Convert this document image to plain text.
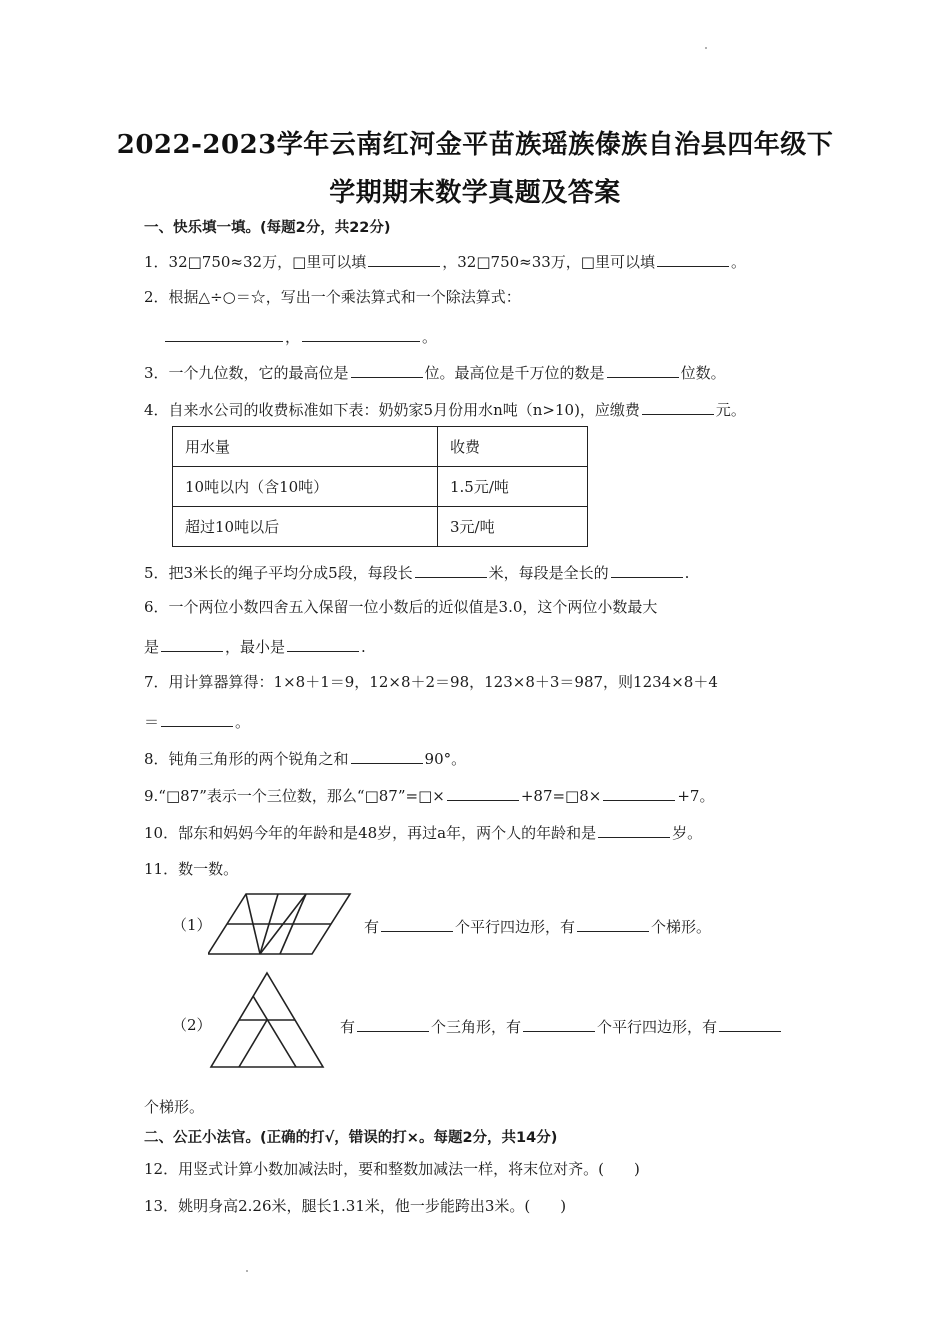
2022-2023学年云南红河金平苗族瑶族傣族自治县四年级下
学期期末数学真题及答案
一、快乐填一填。(每题2分，共22分)
1．32□750≈32万，□里可以填	，32□750≈33万，□里可以填	。
2．根据△÷○＝☆，写出一个乘法算式和一个除法算式：
，	。
3．一个九位数，它的最高位是	位。最高位是千万位的数是	位数。
4．自来水公司的收费标准如下表：奶奶家5月份用水n吨（n>10)，应缴费	元。
用水量	收费
10吨以内（含10吨）	1.5元/吨
超过10吨以后	3元/吨
5．把3米长的绳子平均分成5段，每段长	米，每段是全长的	.
6．一个两位小数四舍五入保留一位小数后的近似值是3.0，这个两位小数最大
是	，最小是	.
7．用计算器算得：1×8＋1＝9，12×8＋2＝98，123×8＋3＝987，则1234×8＋4
＝	。
8．钝角三角形的两个锐角之和	90°。
9.“□87”表示一个三位数，那么“□87”=□×	+87=□8×	+7。
10．郜东和妈妈今年的年龄和是48岁，再过a年，两个人的年龄和是	岁。
11．数一数。
（1）	有	个平行四边形，有	个梯形。
（2）	有	个三角形，有	个平行四边形，有
个梯形。
二、公正小法官。(正确的打√，错误的打×。每题2分，共14分)
12．用竖式计算小数加减法时，要和整数加减法一样，将末位对齐。(　　)
13．姚明身高2.26米，腿长1.31米，他一步能跨出3米。(　　)
